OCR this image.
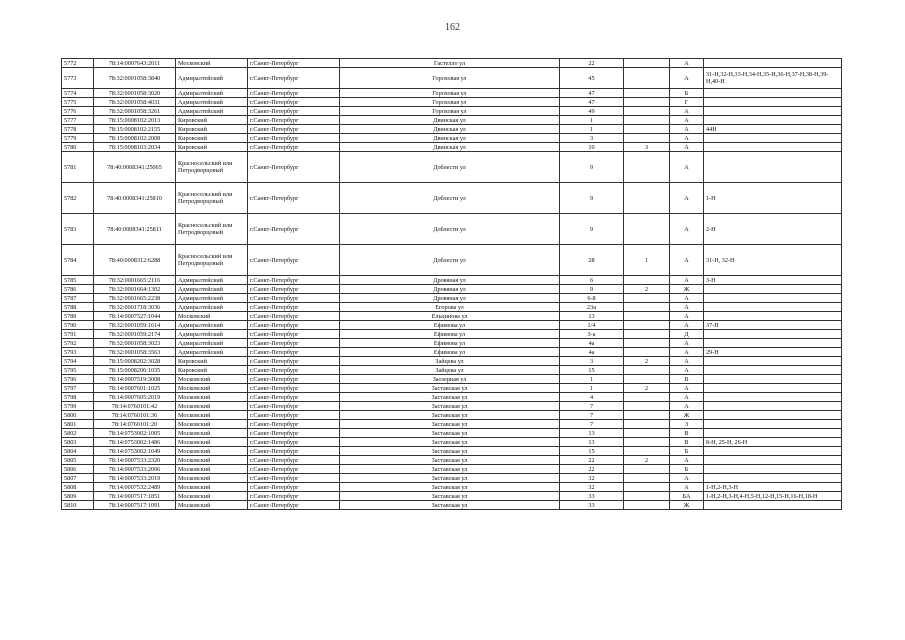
162
5772	78:14:0007643:2011	Московский	г.Санкт-Петербург	Гастелло ул	22		А	
5773	78:32:0001058:3840	Адмиралтейский	г.Санкт-Петербург	Гороховая ул	45		А	31-Н,32-Н,33-Н,34-Н,35-Н,36-Н,37-Н,38-Н,39-Н,40-Н
5774	78:32:0001058:3020	Адмиралтейский	г.Санкт-Петербург	Гороховая ул	47		Б	
5775	78:32:0001058:4031	Адмиралтейский	г.Санкт-Петербург	Гороховая ул	47		Г	
5776	78:32:0001058:3261	Адмиралтейский	г.Санкт-Петербург	Гороховая ул	49		А	
5777	78:15:0008102:2013	Кировский	г.Санкт-Петербург	Двинская ул	1		А	
5778	78:15:0008102:2155	Кировский	г.Санкт-Петербург	Двинская ул	1		А	44Н
5779	78:15:0008102:2008	Кировский	г.Санкт-Петербург	Двинская ул	3		А	
5780	78:15:0008103:2034	Кировский	г.Санкт-Петербург	Двинская ул	10	3	А	
5781	78:40:0008341:25065	Красносельский или Петродворцовый	г.Санкт-Петербург	Доблести ул	9		А	
5782	78:40:0008341:25810	Красносельский или Петродворцовый	г.Санкт-Петербург	Доблести ул	9		А	1-Н
5783	78:40:0008341:25811	Красносельский или Петродворцовый	г.Санкт-Петербург	Доблести ул	9		А	2-Н
5784	78:40:0008312:6288	Красносельский или Петродворцовый	г.Санкт-Петербург	Доблести ул	28	1	А	31-Н, 32-Н
5785	78:32:0001665:2116	Адмиралтейский	г.Санкт-Петербург	Дровяная ул	6		А	3-Н
5786	78:32:0001664:1302	Адмиралтейский	г.Санкт-Петербург	Дровяная ул	9	2	Ж	
5787	78:32:0001665:2238	Адмиралтейский	г.Санкт-Петербург	Дровяная ул	6-8		А	
5788	78:32:0001718:3036	Адмиралтейский	г.Санкт-Петербург	Егорова ул	23а		А	
5789	78:14:0007527:1044	Московский	г.Санкт-Петербург	Ельцинова ул	13		А	
5790	78:32:0001059:1614	Адмиралтейский	г.Санкт-Петербург	Ефимова ул	1/4		А	37-Н
5791	78:32:0001059:2174	Адмиралтейский	г.Санкт-Петербург	Ефимова ул	3-а		Д	
5792	78:32:0001058:3023	Адмиралтейский	г.Санкт-Петербург	Ефимова ул	4а		А	
5793	78:32:0001058:3563	Адмиралтейский	г.Санкт-Петербург	Ефимова ул	4а		А	29-Н
5794	78:15:0008202:3028	Кировский	г.Санкт-Петербург	Зайцева ул	3	2	А	
5795	78:15:0008206:1035	Кировский	г.Санкт-Петербург	Зайцева ул	15		А	
5796	78:14:0007519:3008	Московский	г.Санкт-Петербург	Заозерная ул	1		В	
5797	78:14:0007601:1025	Московский	г.Санкт-Петербург	Заставская ул	1	2	А	
5798	78:14:0007605:2019	Московский	г.Санкт-Петербург	Заставская ул	4		А	
5799	78:14:0760101:42	Московский	г.Санкт-Петербург	Заставская ул	7		А	
5800	78:14:0760101:36	Московский	г.Санкт-Петербург	Заставская ул	7		Ж	
5801	78:14:0760101:20	Московский	г.Санкт-Петербург	Заставская ул	7		З	
5802	78:14:0753002:1005	Московский	г.Санкт-Петербург	Заставская ул	13		В	
5803	78:14:0753002:1486	Московский	г.Санкт-Петербург	Заставская ул	13		В	8-Н, 25-Н, 26-Н
5804	78:14:0753002:1049	Московский	г.Санкт-Петербург	Заставская ул	15		Б	
5805	78:14:0007533:2320	Московский	г.Санкт-Петербург	Заставская ул	22	2	А	
5806	78:14:0007533:2006	Московский	г.Санкт-Петербург	Заставская ул	22		Б	
5807	78:14:0007533:2019	Московский	г.Санкт-Петербург	Заставская ул	32		А	
5808	78:14:0007532:2489	Московский	г.Санкт-Петербург	Заставская ул	32		А	1-Н,2-Н,3-Н
5809	78:14:0007517:1851	Московский	г.Санкт-Петербург	Заставская ул	33		БА	1-Н,2-Н,3-Н,4-Н,5-Н,12-Н,15-Н,16-Н,18-Н
5810	78:14:0007517:1091	Московский	г.Санкт-Петербург	Заставская ул	33		Ж	
